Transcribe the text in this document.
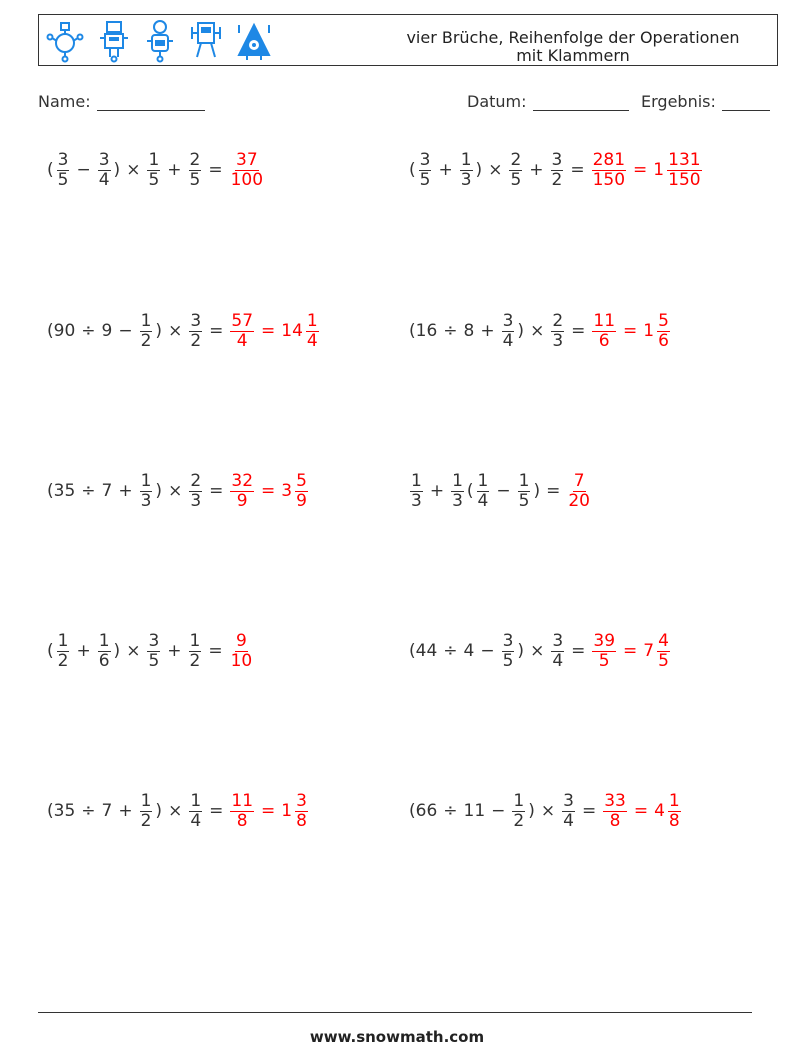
vier Brüche, Reihenfolge der Operationen
mit Klammern
Name:	Datum:	Ergebnis:
( $\frac{3}{5} - \frac{3}{4}$ ) × $\frac{1}{5} + \frac{2}{5} = \frac{37}{100}$	( $\frac{3}{5} + \frac{1}{3}$ ) × $\frac{2}{5} + \frac{3}{2} = \frac{281}{150} = 1 \frac{131}{150}$
($90 \div 9 - \frac{1}{2}$ ) × $\frac{3}{2} = \frac{57}{4} = 14 \frac{1}{4}$	($16 \div 8 + \frac{3}{4}$ ) × $\frac{2}{3} = \frac{11}{6} = 1 \frac{5}{6}$
($35 \div 7 + \frac{1}{3}$ ) × $\frac{2}{3} = \frac{32}{9} = 3 \frac{5}{9}$	$\frac{1}{3} + \frac{1}{3}$ ( $\frac{1}{4} - \frac{1}{5}$ ) = $\frac{7}{20}$
( $\frac{1}{2} + \frac{1}{6}$ ) × $\frac{3}{5} + \frac{1}{2} = \frac{9}{10}$	($44 \div 4 - \frac{3}{5}$ ) × $\frac{3}{4} = \frac{39}{5} = 7 \frac{4}{5}$
($35 \div 7 + \frac{1}{2}$ ) × $\frac{1}{4} = \frac{11}{8} = 1 \frac{3}{8}$	($66 \div 11 - \frac{1}{2}$ ) × $\frac{3}{4} = \frac{33}{8} = 4 \frac{1}{8}$
www.snowmath.com
